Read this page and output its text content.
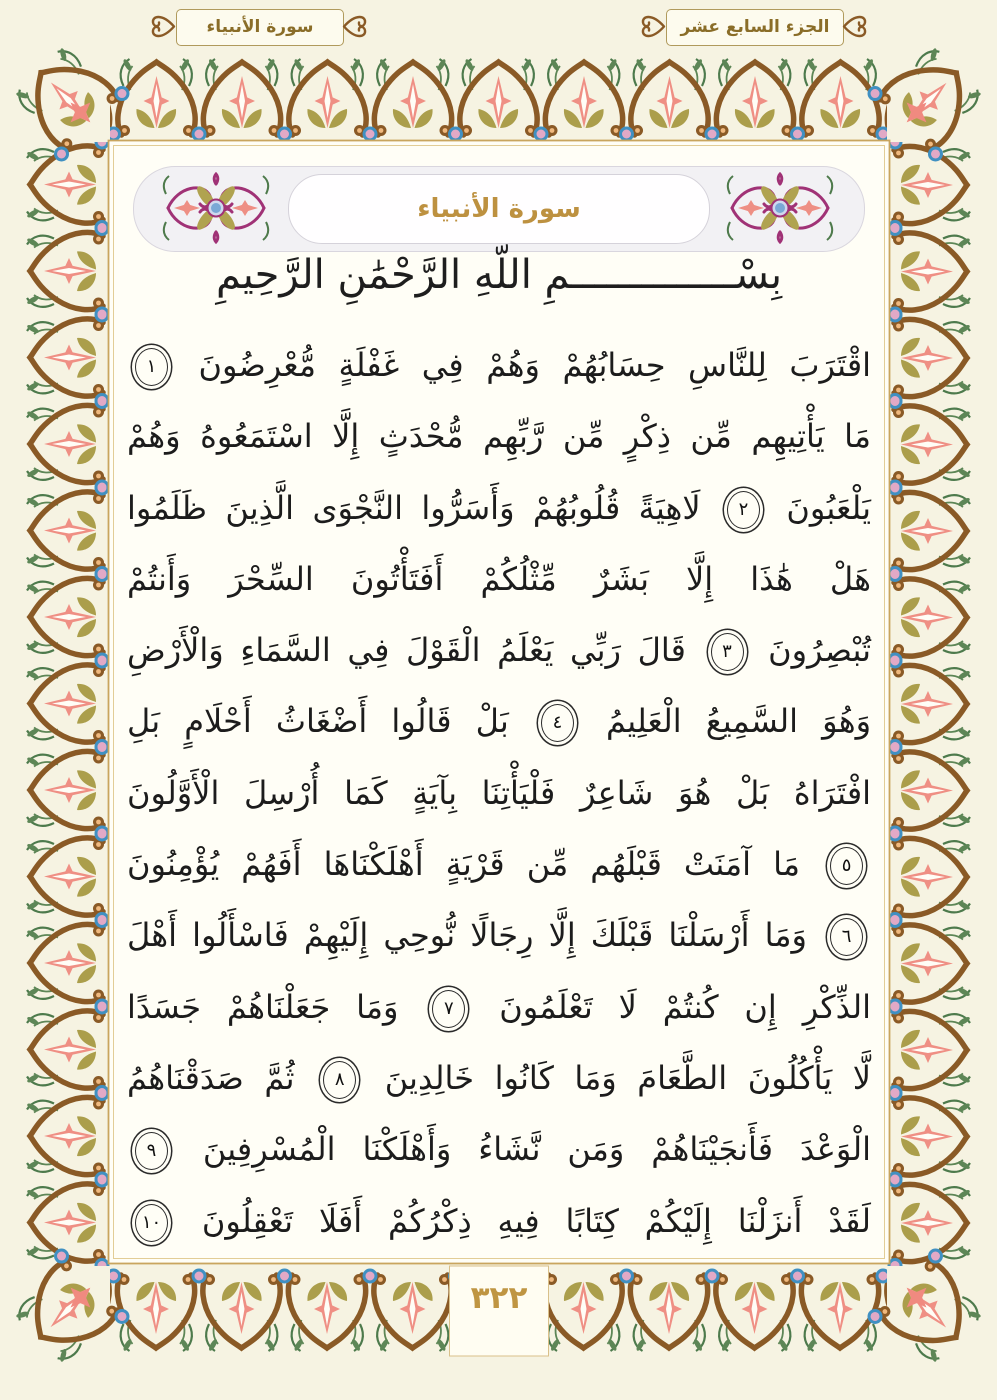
سورة الأنبياء	الجزء السابع عشر
سورة الأنبياء
بِسْــــــــــــــمِ اللَّهِ الرَّحْمَٰنِ الرَّحِيمِ
اقْتَرَبَ لِلنَّاسِ حِسَابُهُمْ وَهُمْ فِي غَفْلَةٍ مُّعْرِضُونَ ١
مَا يَأْتِيهِم مِّن ذِكْرٍ مِّن رَّبِّهِم مُّحْدَثٍ إِلَّا اسْتَمَعُوهُ وَهُمْ
يَلْعَبُونَ ٢ لَاهِيَةً قُلُوبُهُمْ وَأَسَرُّوا النَّجْوَى الَّذِينَ ظَلَمُوا
هَلْ هَٰذَا إِلَّا بَشَرٌ مِّثْلُكُمْ أَفَتَأْتُونَ السِّحْرَ وَأَنتُمْ
تُبْصِرُونَ ٣ قَالَ رَبِّي يَعْلَمُ الْقَوْلَ فِي السَّمَاءِ وَالْأَرْضِ
وَهُوَ السَّمِيعُ الْعَلِيمُ ٤ بَلْ قَالُوا أَضْغَاثُ أَحْلَامٍ بَلِ
افْتَرَاهُ بَلْ هُوَ شَاعِرٌ فَلْيَأْتِنَا بِآيَةٍ كَمَا أُرْسِلَ الْأَوَّلُونَ
٥ مَا آمَنَتْ قَبْلَهُم مِّن قَرْيَةٍ أَهْلَكْنَاهَا أَفَهُمْ يُؤْمِنُونَ
٦ وَمَا أَرْسَلْنَا قَبْلَكَ إِلَّا رِجَالًا نُّوحِي إِلَيْهِمْ فَاسْأَلُوا أَهْلَ
الذِّكْرِ إِن كُنتُمْ لَا تَعْلَمُونَ ٧ وَمَا جَعَلْنَاهُمْ جَسَدًا
لَّا يَأْكُلُونَ الطَّعَامَ وَمَا كَانُوا خَالِدِينَ ٨ ثُمَّ صَدَقْنَاهُمُ
الْوَعْدَ فَأَنجَيْنَاهُمْ وَمَن نَّشَاءُ وَأَهْلَكْنَا الْمُسْرِفِينَ ٩
لَقَدْ أَنزَلْنَا إِلَيْكُمْ كِتَابًا فِيهِ ذِكْرُكُمْ أَفَلَا تَعْقِلُونَ ١٠
٣٢٢
